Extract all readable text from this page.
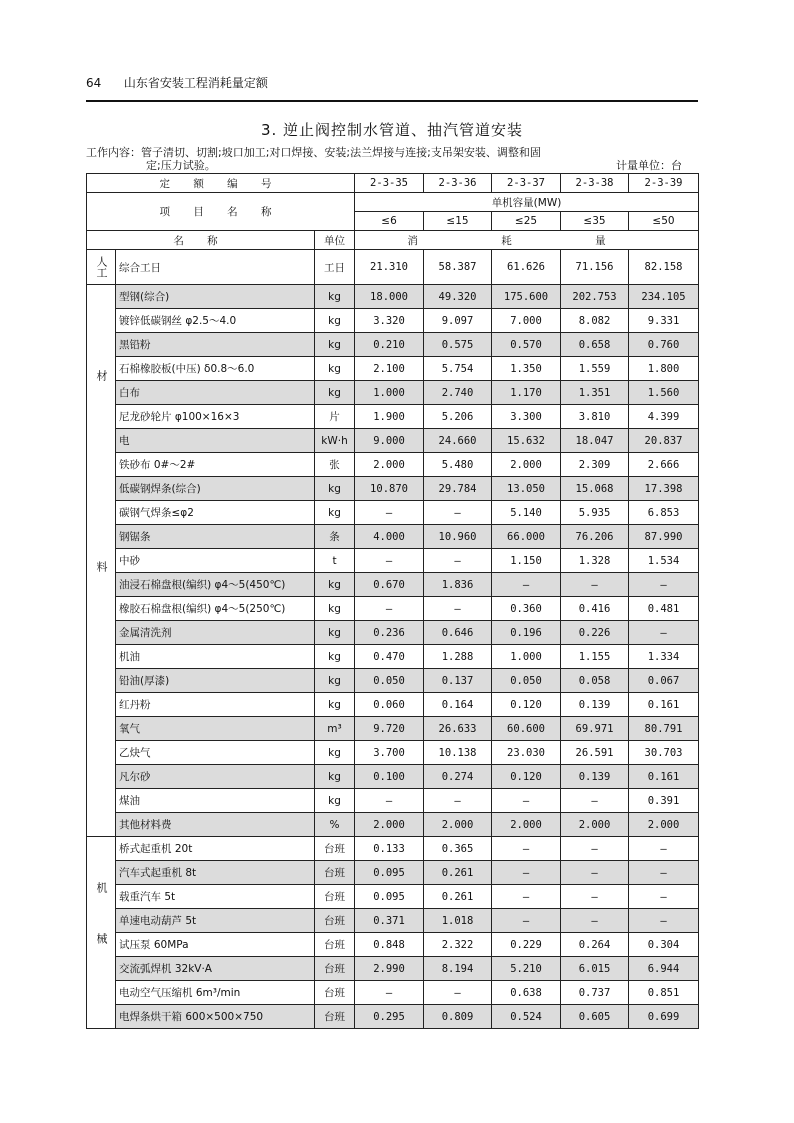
64 山东省安装工程消耗量定额
3. 逆止阀控制水管道、抽汽管道安装
工作内容：管子清切、切割;坡口加工;对口焊接、安装;法兰焊接与连接;支吊架安装、调整和固
定;压力试验。	计量单位：台
定 额 编 号			2-3-35	2-3-36	2-3-37	2-3-38	2-3-39
项 目 名 称			单机容量(MW)				
			≤6	≤15	≤25	≤35	≤50
名 称		单位	消 耗 量				
人工	综合工日	工日	21.310	58.387	61.626	71.156	82.158
材料	型钢(综合)	kg	18.000	49.320	175.600	202.753	234.105
	镀锌低碳钢丝 φ2.5～4.0	kg	3.320	9.097	7.000	8.082	9.331
	黑铅粉	kg	0.210	0.575	0.570	0.658	0.760
	石棉橡胶板(中压) δ0.8～6.0	kg	2.100	5.754	1.350	1.559	1.800
	白布	kg	1.000	2.740	1.170	1.351	1.560
	尼龙砂轮片 φ100×16×3	片	1.900	5.206	3.300	3.810	4.399
	电	kW·h	9.000	24.660	15.632	18.047	20.837
	铁砂布 0#～2#	张	2.000	5.480	2.000	2.309	2.666
	低碳钢焊条(综合)	kg	10.870	29.784	13.050	15.068	17.398
	碳钢气焊条≤φ2	kg	—	—	5.140	5.935	6.853
	钢锯条	条	4.000	10.960	66.000	76.206	87.990
	中砂	t	—	—	1.150	1.328	1.534
	油浸石棉盘根(编织) φ4～5(450℃)	kg	0.670	1.836	—	—	—
	橡胶石棉盘根(编织) φ4～5(250℃)	kg	—	—	0.360	0.416	0.481
	金属清洗剂	kg	0.236	0.646	0.196	0.226	—
	机油	kg	0.470	1.288	1.000	1.155	1.334
	铅油(厚漆)	kg	0.050	0.137	0.050	0.058	0.067
	红丹粉	kg	0.060	0.164	0.120	0.139	0.161
	氧气	m³	9.720	26.633	60.600	69.971	80.791
	乙炔气	kg	3.700	10.138	23.030	26.591	30.703
	凡尔砂	kg	0.100	0.274	0.120	0.139	0.161
	煤油	kg	—	—	—	—	0.391
	其他材料费	%	2.000	2.000	2.000	2.000	2.000
机械	桥式起重机 20t	台班	0.133	0.365	—	—	—
	汽车式起重机 8t	台班	0.095	0.261	—	—	—
	载重汽车 5t	台班	0.095	0.261	—	—	—
	单速电动葫芦 5t	台班	0.371	1.018	—	—	—
	试压泵 60MPa	台班	0.848	2.322	0.229	0.264	0.304
	交流弧焊机 32kV·A	台班	2.990	8.194	5.210	6.015	6.944
	电动空气压缩机 6m³/min	台班	—	—	0.638	0.737	0.851
	电焊条烘干箱 600×500×750	台班	0.295	0.809	0.524	0.605	0.699
